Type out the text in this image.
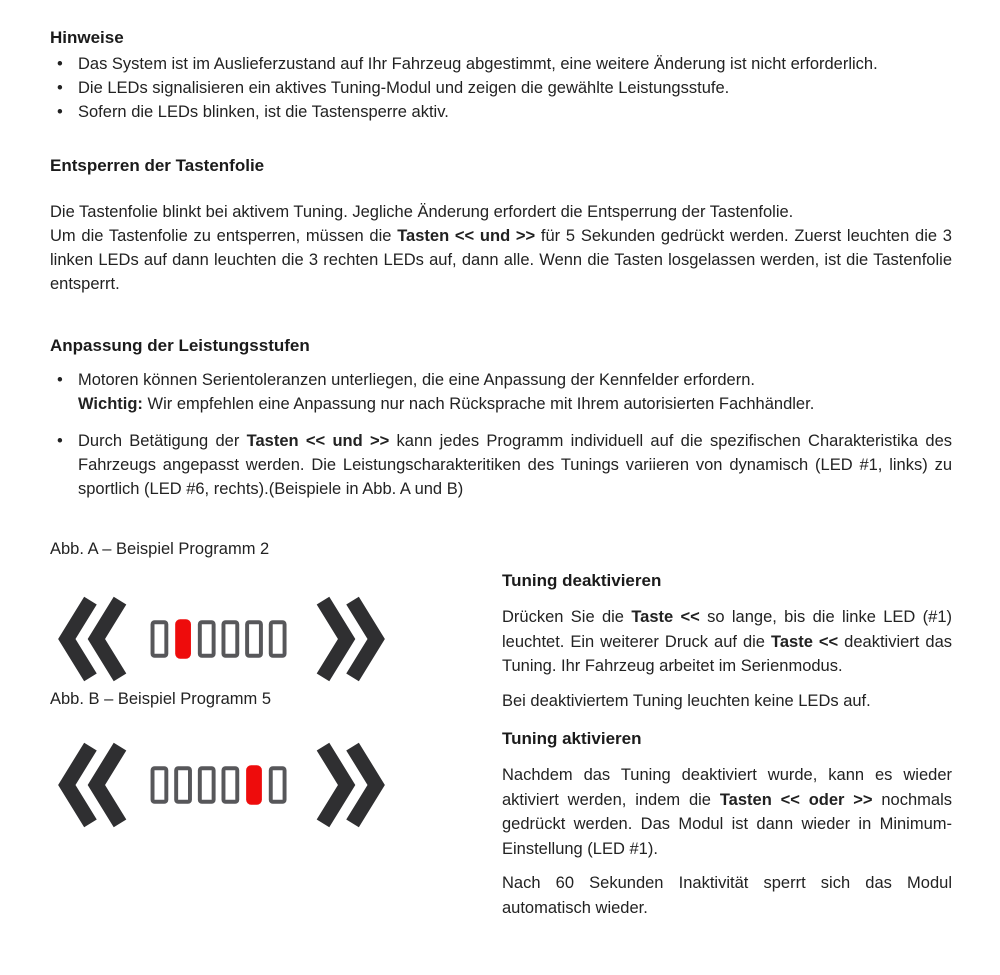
Hinweise
• Das System ist im Auslieferzustand auf Ihr Fahrzeug abgestimmt, eine weitere Änderung ist nicht erforderlich.
• Die LEDs signalisieren ein aktives Tuning-Modul und zeigen die gewählte Leistungsstufe.
• Sofern die LEDs blinken, ist die Tastensperre aktiv.
Entsperren der Tastenfolie
Die Tastenfolie blinkt bei aktivem Tuning. Jegliche Änderung erfordert die Entsperrung der Tastenfolie.

Um die Tastenfolie zu entsperren, müssen die Tasten << und >> für 5 Sekunden gedrückt werden. Zuerst leuchten die 3 linken LEDs auf dann leuchten die 3 rechten LEDs auf, dann alle. Wenn die Tasten losgelassen werden, ist die Tastenfolie entsperrt.

Anpassung der Leistungsstufen
• Motoren können Serientoleranzen unterliegen, die eine Anpassung der Kennfelder erfordern.
Wichtig: Wir empfehlen eine Anpassung nur nach Rücksprache mit Ihrem autorisierten Fachhändler.
• Durch Betätigung der Tasten << und >> kann jedes Programm individuell auf die spezifischen Charakteristika des Fahrzeugs angepasst werden. Die Leistungscharakteritiken des Tunings variieren von dynamisch (LED #1, links) zu sportlich (LED #6, rechts).(Beispiele in Abb. A und B)
Abb. A – Beispiel Programm 2
Abb. B – Beispiel Programm 5
Tuning deaktivieren

Drücken Sie die Taste << so lange, bis die linke LED (#1) leuchtet. Ein weiterer Druck auf die Taste << deaktiviert das Tuning. Ihr Fahrzeug arbeitet im Serienmodus.

Bei deaktiviertem Tuning leuchten keine LEDs auf.

Tuning aktivieren

Nachdem das Tuning deaktiviert wurde, kann es wieder aktiviert werden, indem die Tasten << oder >> nochmals gedrückt werden. Das Modul ist dann wieder in Minimum-Einstellung (LED #1).

Nach 60 Sekunden Inaktivität sperrt sich das Modul automatisch wieder.
